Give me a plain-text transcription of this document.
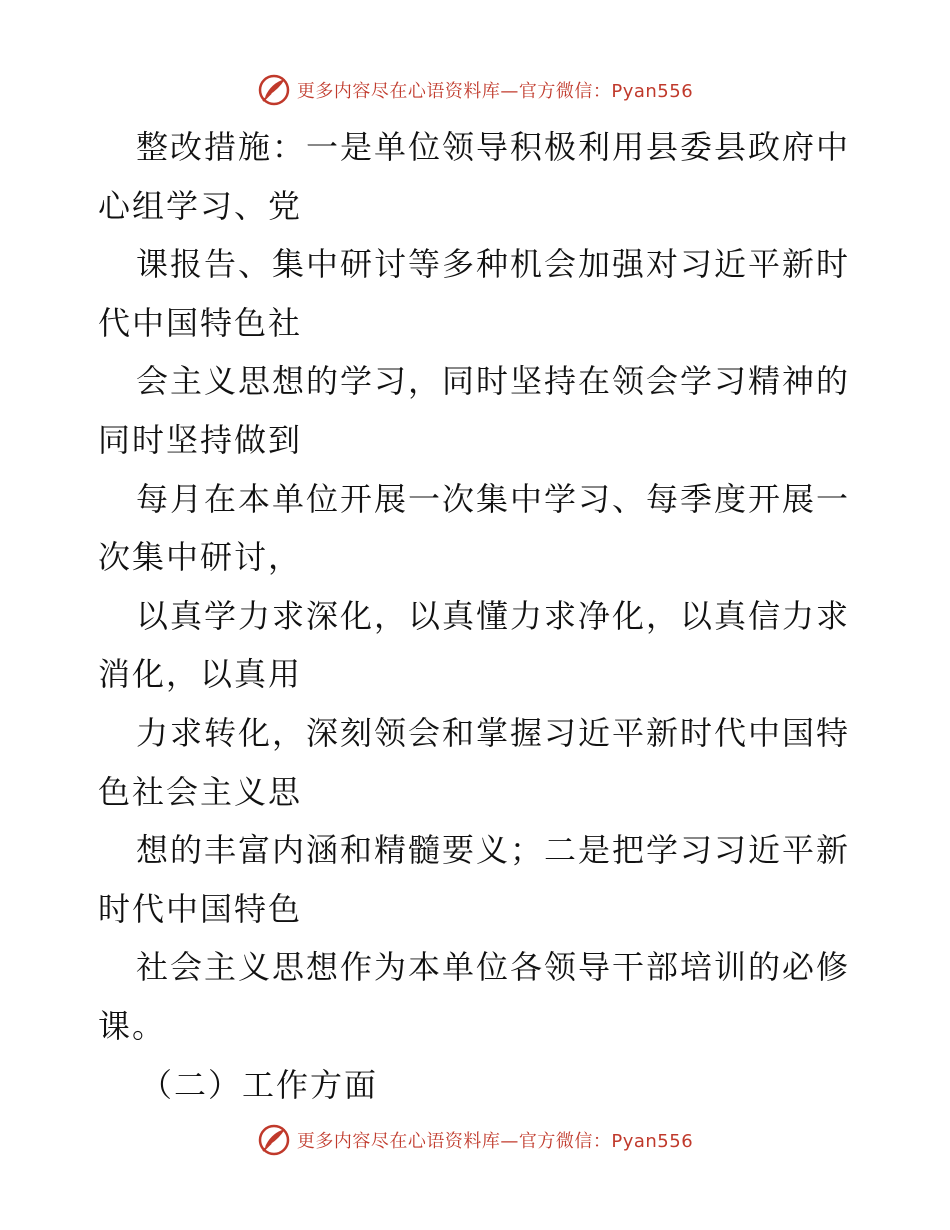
更多内容尽在心语资料库—官方微信：Pyan556
整改措施：一是单位领导积极利用县委县政府中
心组学习、党
课报告、集中研讨等多种机会加强对习近平新时
代中国特色社
会主义思想的学习，同时坚持在领会学习精神的
同时坚持做到
每月在本单位开展一次集中学习、每季度开展一
次集中研讨，
以真学力求深化，以真懂力求净化，以真信力求
消化，以真用
力求转化，深刻领会和掌握习近平新时代中国特
色社会主义思
想的丰富内涵和精髓要义；二是把学习习近平新
时代中国特色
社会主义思想作为本单位各领导干部培训的必修
课。
（二）工作方面
更多内容尽在心语资料库—官方微信：Pyan556
